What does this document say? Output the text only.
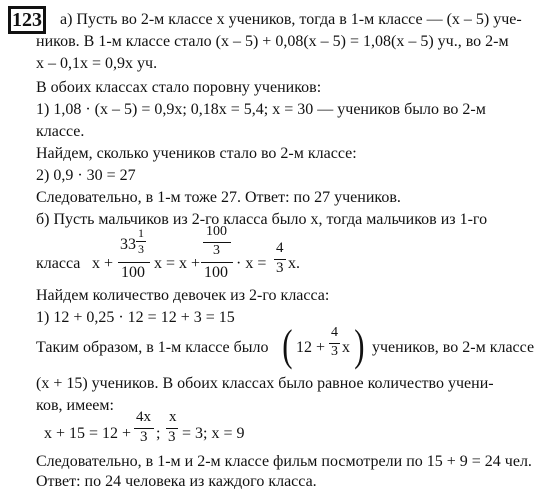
123 а) Пусть во 2-м классе x учеников, тогда в 1-м классе — (x – 5) уче-
ников. В 1-м классе стало (x – 5) + 0,08(x – 5) = 1,08(x – 5) уч., во 2-м
x – 0,1x = 0,9x уч.
В обоих классах стало поровну учеников:
1) 1,08 · (x – 5) = 0,9x; 0,18x = 5,4; x = 30 — учеников было во 2-м
классе.
Найдем, сколько учеников стало во 2-м классе:
2) 0,9 · 30 = 27
Следовательно, в 1-м тоже 27. Ответ: по 27 учеников.
б) Пусть мальчиков из 2-го класса было x, тогда мальчиков из 1-го
класса x +
33
1
3
100
x = x +
100
3
100
· x =
4
3 x.
Найдем количество девочек из 2-го класса:
1) 12 + 0,25 · 12 = 12 + 3 = 15
Таким образом, в 1-м классе было ( 12 +
4
3 x ) учеников, во 2-м классе
(x + 15) учеников. В обоих классах было равное количество учени-
ков, имеем:
x + 15 = 12 +
4x
3 ;
x
3 = 3; x = 9
Следовательно, в 1-м и 2-м классе фильм посмотрели по 15 + 9 = 24 чел.
Ответ: по 24 человека из каждого класса.
